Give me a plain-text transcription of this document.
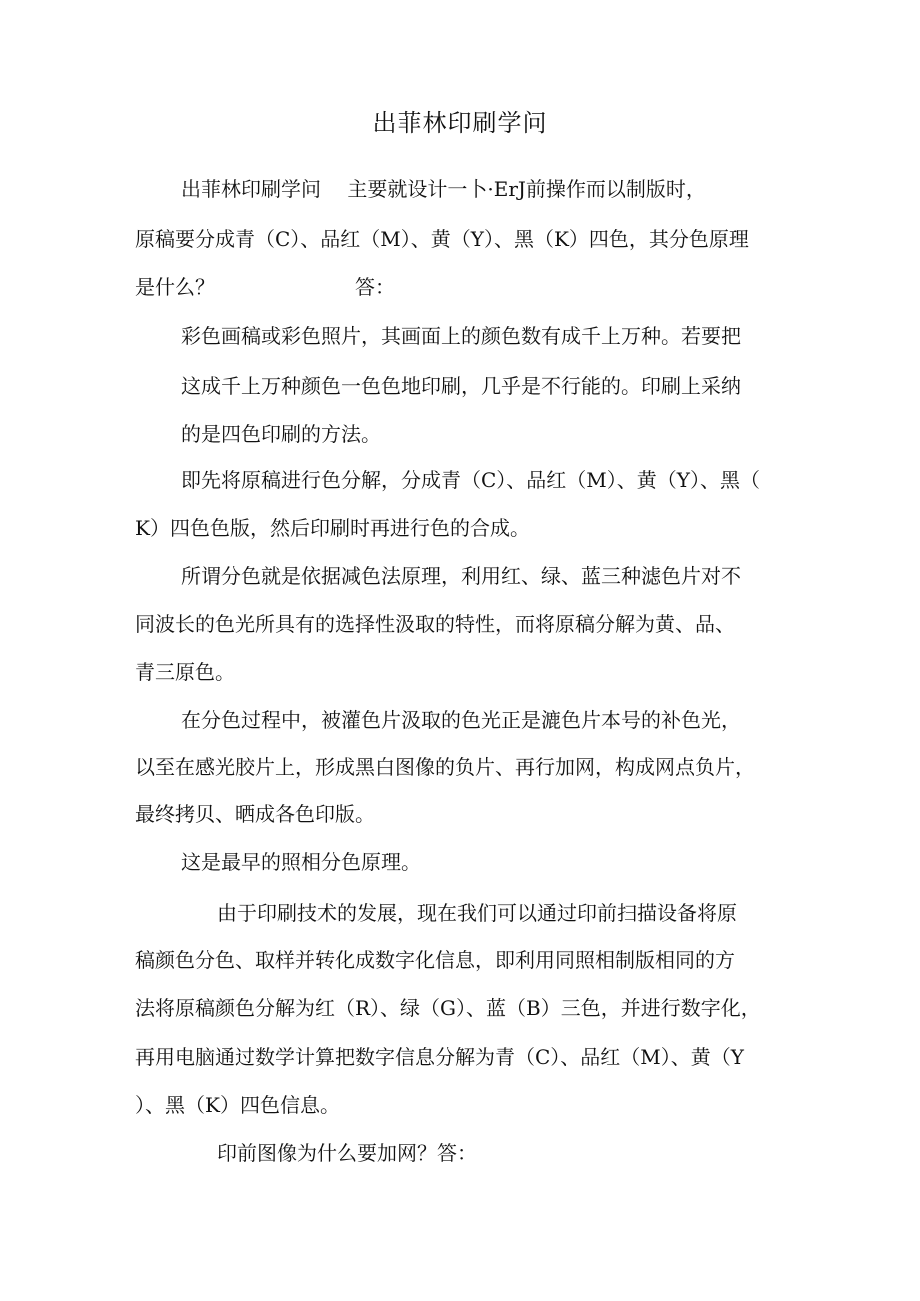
出菲林印刷学问
出菲林印刷学问　 主要就设计一卜·ErJ前操作而以制版时，
原稿要分成青（C）、品红（M）、黄（Y）、黑（K）四色，其分色原理
是什么？　　　　　　　答：
彩色画稿或彩色照片，其画面上的颜色数有成千上万种。若要把
这成千上万种颜色一色色地印刷，几乎是不行能的。印刷上采纳
的是四色印刷的方法。
即先将原稿进行色分解，分成青（C）、品红（M）、黄（Y）、黑（
K）四色色版，然后印刷时再进行色的合成。
所谓分色就是依据减色法原理，利用红、绿、蓝三种滤色片对不
同波长的色光所具有的选择性汲取的特性，而将原稿分解为黄、品、
青三原色。
在分色过程中，被灌色片汲取的色光正是漉色片本号的补色光，
以至在感光胶片上，形成黑白图像的负片、再行加网，构成网点负片，
最终拷贝、晒成各色印版。
这是最早的照相分色原理。
由于印刷技术的发展，现在我们可以通过印前扫描设备将原
稿颜色分色、取样并转化成数字化信息，即利用同照相制版相同的方
法将原稿颜色分解为红（R）、绿（G）、蓝（B）三色，并进行数字化，
再用电脑通过数学计算把数字信息分解为青（C）、品红（M）、黄（Y
）、黑（K）四色信息。
印前图像为什么要加网？答：
